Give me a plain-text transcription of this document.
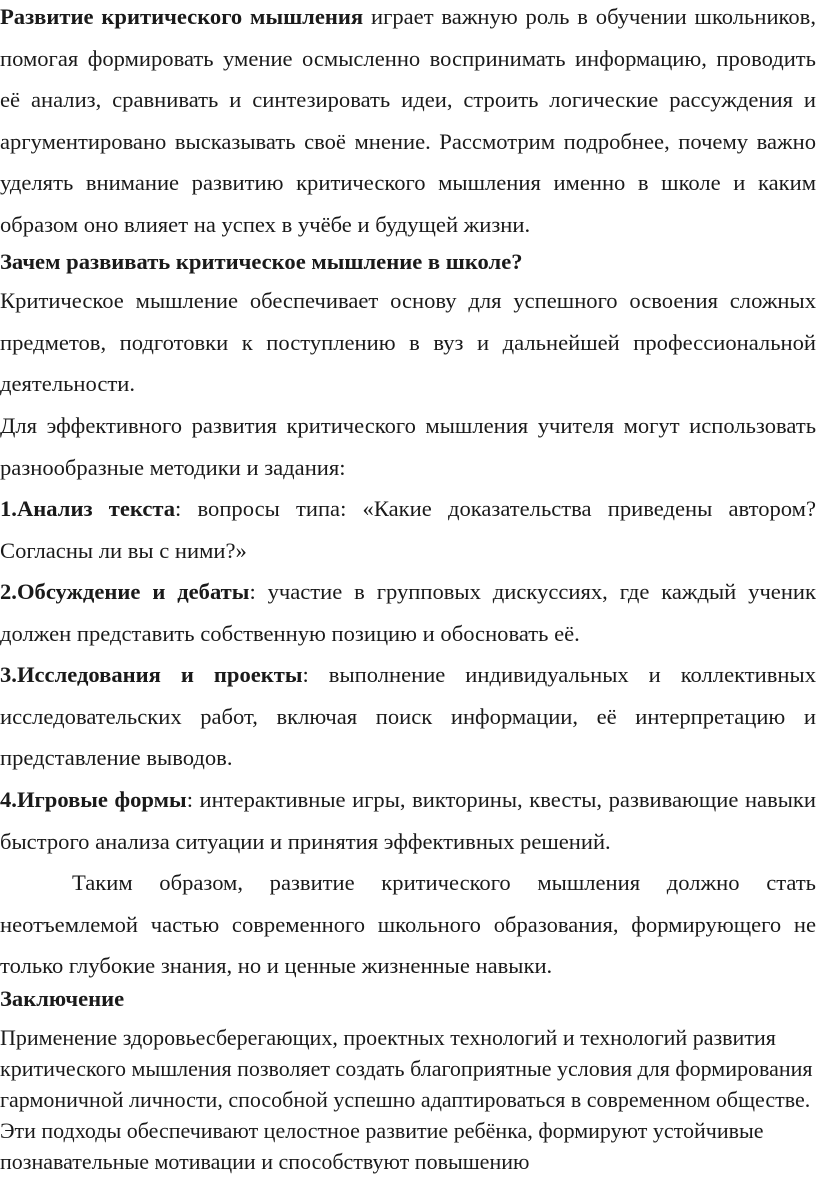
Развитие критического мышления играет важную роль в обучении школьников, помогая формировать умение осмысленно воспринимать информацию, проводить её анализ, сравнивать и синтезировать идеи, строить логические рассуждения и аргументировано высказывать своё мнение. Рассмотрим подробнее, почему важно уделять внимание развитию критического мышления именно в школе и каким образом оно влияет на успех в учёбе и будущей жизни.

Зачем развивать критическое мышление в школе?

Критическое мышление обеспечивает основу для успешного освоения сложных предметов, подготовки к поступлению в вуз и дальнейшей профессиональной деятельности.

Для эффективного развития критического мышления учителя могут использовать разнообразные методики и задания:

1.Анализ текста: вопросы типа: «Какие доказательства приведены автором? Согласны ли вы с ними?»

2.Обсуждение и дебаты: участие в групповых дискуссиях, где каждый ученик должен представить собственную позицию и обосновать её.

3.Исследования и проекты: выполнение индивидуальных и коллективных исследовательских работ, включая поиск информации, её интерпретацию и представление выводов.

4.Игровые формы: интерактивные игры, викторины, квесты, развивающие навыки быстрого анализа ситуации и принятия эффективных решений.

Таким образом, развитие критического мышления должно стать неотъемлемой частью современного школьного образования, формирующего не только глубокие знания, но и ценные жизненные навыки.

Заключение

Применение здоровьесберегающих, проектных технологий и технологий развития критического мышления позволяет создать благоприятные условия для формирования гармоничной личности, способной успешно адаптироваться в современном обществе. Эти подходы обеспечивают целостное развитие ребёнка, формируют устойчивые познавательные мотивации и способствуют повышению
